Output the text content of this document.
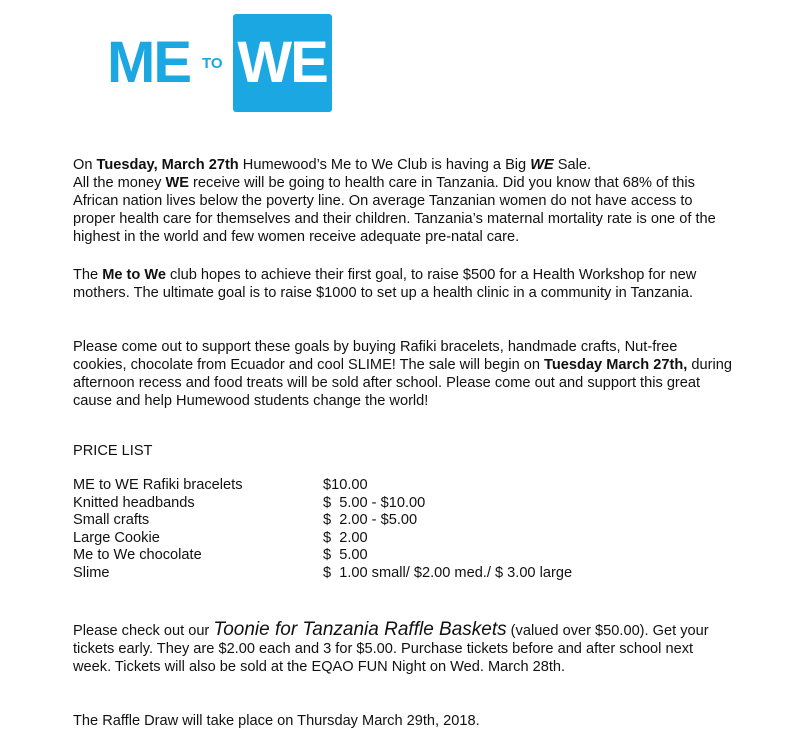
ME TO WE

On Tuesday, March 27th Humewood’s Me to We Club is having a Big WE Sale.
All the money WE receive will be going to health care in Tanzania. Did you know that 68% of this African nation lives below the poverty line. On average Tanzanian women do not have access to proper health care for themselves and their children. Tanzania’s maternal mortality rate is one of the highest in the world and few women receive adequate pre-natal care.

The Me to We club hopes to achieve their first goal, to raise $500 for a Health Workshop for new mothers. The ultimate goal is to raise $1000 to set up a health clinic in a community in Tanzania.

Please come out to support these goals by buying Rafiki bracelets, handmade crafts, Nut-free cookies, chocolate from Ecuador and cool SLIME! The sale will begin on Tuesday March 27th, during afternoon recess and food treats will be sold after school. Please come out and support this great cause and help Humewood students change the world!

PRICE LIST
ME to WE Rafiki bracelets	$10.00
Knitted headbands	$  5.00 - $10.00
Small crafts	$  2.00 - $5.00
Large Cookie	$  2.00
Me to We chocolate	$  5.00
Slime	$  1.00 small/ $2.00 med./ $ 3.00 large

Please check out our Toonie for Tanzania Raffle Baskets (valued over $50.00). Get your tickets early. They are $2.00 each and 3 for $5.00. Purchase tickets before and after school next week. Tickets will also be sold at the EQAO FUN Night on Wed. March 28th.

The Raffle Draw will take place on Thursday March 29th, 2018.
